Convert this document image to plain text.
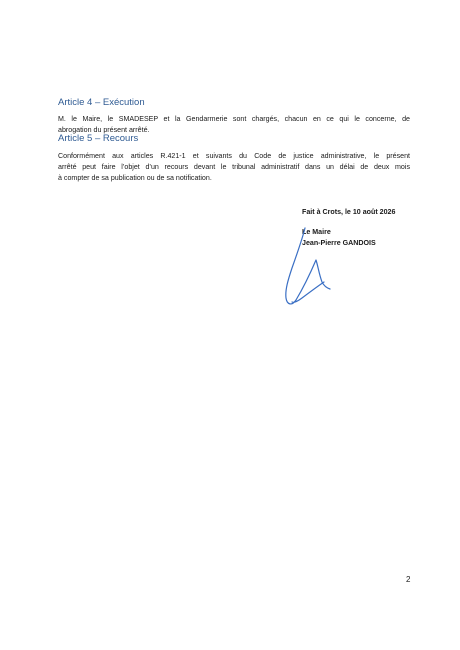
Article 4 – Exécution
M. le Maire, le SMADESEP et la Gendarmerie sont chargés, chacun en ce qui le concerne, de
abrogation du présent arrêté.
Article 5 – Recours
Conformément aux articles R.421-1 et suivants du Code de justice administrative, le présent
arrêté peut faire l’objet d’un recours devant le tribunal administratif dans un délai de deux mois
à compter de sa publication ou de sa notification.
Fait à Crots, le 10 août 2026
Le Maire
Jean-Pierre GANDOIS
2
